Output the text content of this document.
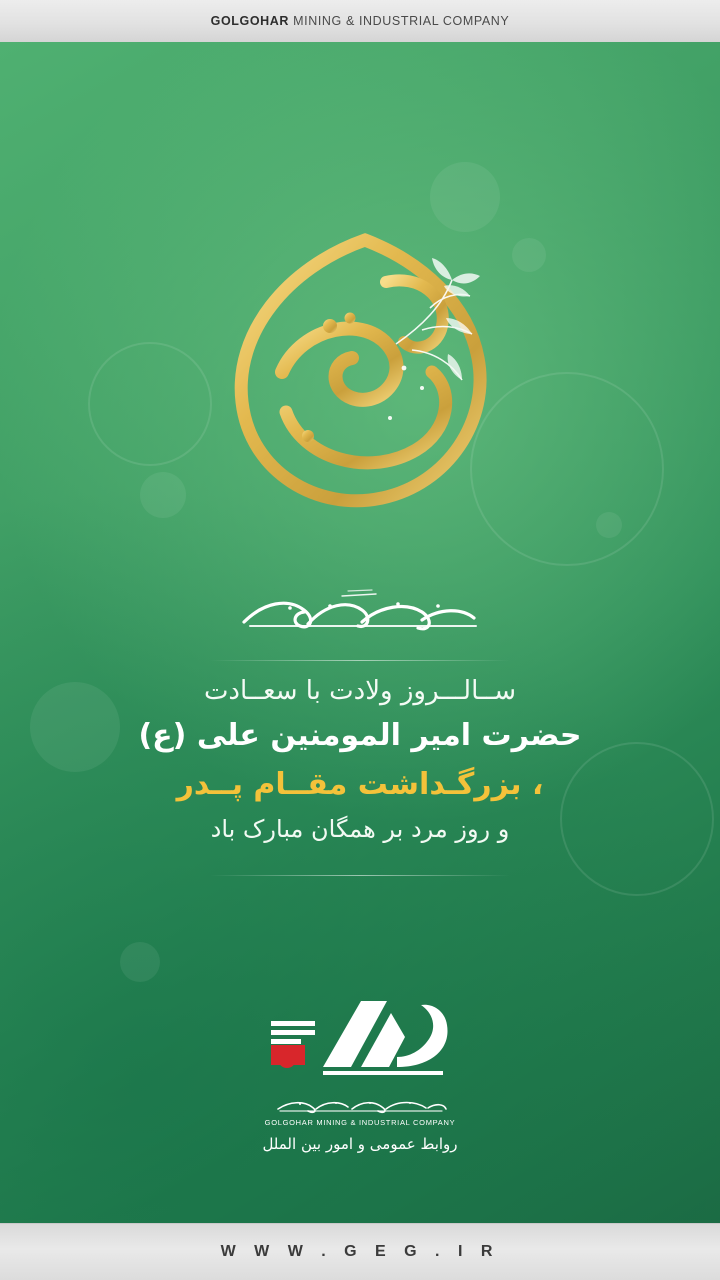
GOLGOHAR MINING & INDUSTRIAL COMPANY
ســالـــروز ولادت با سعــادت
حضرت امیر المومنین علی (ع)
، بزرگـداشت مقــام پــدر
و روز مرد بر همگان مبارک باد
GOLGOHAR MINING & INDUSTRIAL COMPANY
روابط عمومی و امور بین الملل
W W W . G E G . I R
